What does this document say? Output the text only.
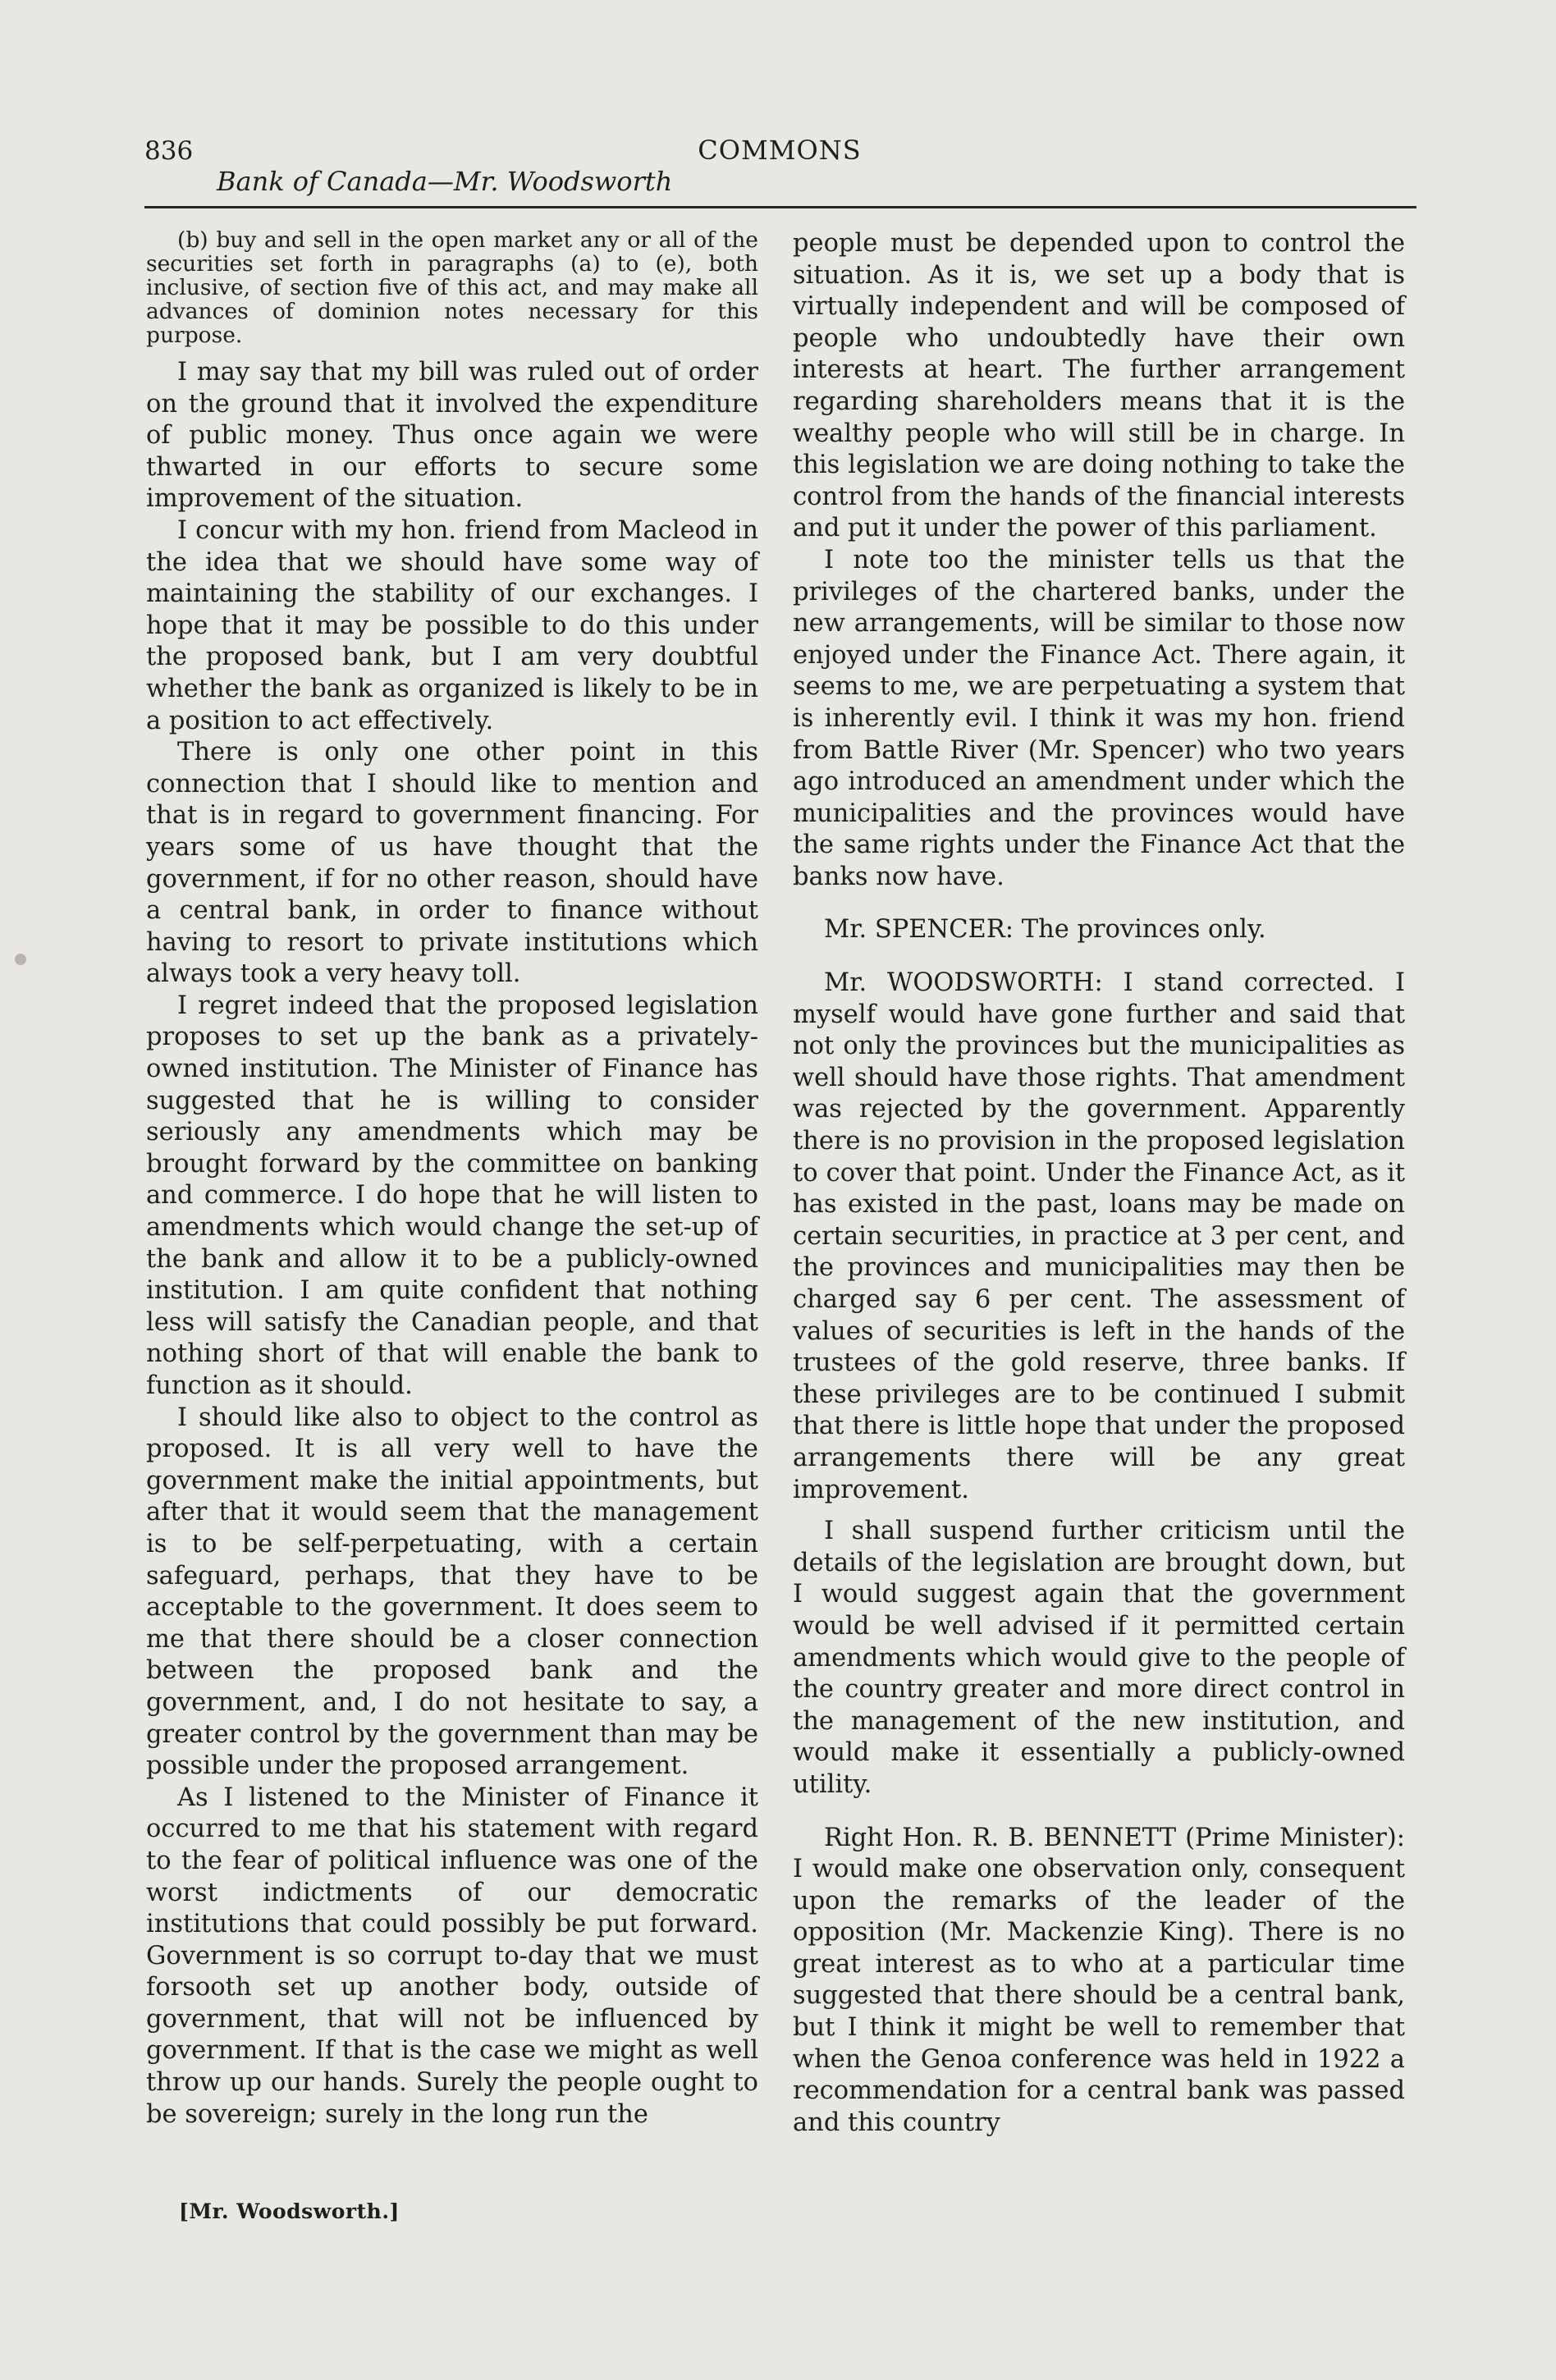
836	COMMONS
Bank of Canada—Mr. Woodsworth

(b) buy and sell in the open market any or all of the securities set forth in paragraphs (a) to (e), both inclusive, of section five of this act, and may make all advances of dominion notes necessary for this purpose.

I may say that my bill was ruled out of order on the ground that it involved the expenditure of public money. Thus once again we were thwarted in our efforts to secure some improvement of the situation.

I concur with my hon. friend from Macleod in the idea that we should have some way of maintaining the stability of our exchanges. I hope that it may be possible to do this under the proposed bank, but I am very doubtful whether the bank as organized is likely to be in a position to act effectively.

There is only one other point in this connection that I should like to mention and that is in regard to government financing. For years some of us have thought that the government, if for no other reason, should have a central bank, in order to finance without having to resort to private institutions which always took a very heavy toll.

I regret indeed that the proposed legislation proposes to set up the bank as a privately-owned institution. The Minister of Finance has suggested that he is willing to consider seriously any amendments which may be brought forward by the committee on banking and commerce. I do hope that he will listen to amendments which would change the set-up of the bank and allow it to be a publicly-owned institution. I am quite confident that nothing less will satisfy the Canadian people, and that nothing short of that will enable the bank to function as it should.

I should like also to object to the control as proposed. It is all very well to have the government make the initial appointments, but after that it would seem that the management is to be self-perpetuating, with a certain safeguard, perhaps, that they have to be acceptable to the government. It does seem to me that there should be a closer connection between the proposed bank and the government, and, I do not hesitate to say, a greater control by the government than may be possible under the proposed arrangement.

As I listened to the Minister of Finance it occurred to me that his statement with regard to the fear of political influence was one of the worst indictments of our democratic institutions that could possibly be put forward. Government is so corrupt to-day that we must forsooth set up another body, outside of government, that will not be influenced by government. If that is the case we might as well throw up our hands. Surely the people ought to be sovereign; surely in the long run the

[Mr. Woodsworth.]

people must be depended upon to control the situation. As it is, we set up a body that is virtually independent and will be composed of people who undoubtedly have their own interests at heart. The further arrangement regarding shareholders means that it is the wealthy people who will still be in charge. In this legislation we are doing nothing to take the control from the hands of the financial interests and put it under the power of this parliament.

I note too the minister tells us that the privileges of the chartered banks, under the new arrangements, will be similar to those now enjoyed under the Finance Act. There again, it seems to me, we are perpetuating a system that is inherently evil. I think it was my hon. friend from Battle River (Mr. Spencer) who two years ago introduced an amendment under which the municipalities and the provinces would have the same rights under the Finance Act that the banks now have.

Mr. SPENCER: The provinces only.

Mr. WOODSWORTH: I stand corrected. I myself would have gone further and said that not only the provinces but the municipalities as well should have those rights. That amendment was rejected by the government. Apparently there is no provision in the proposed legislation to cover that point. Under the Finance Act, as it has existed in the past, loans may be made on certain securities, in practice at 3 per cent, and the provinces and municipalities may then be charged say 6 per cent. The assessment of values of securities is left in the hands of the trustees of the gold reserve, three banks. If these privileges are to be continued I submit that there is little hope that under the proposed arrangements there will be any great improvement.

I shall suspend further criticism until the details of the legislation are brought down, but I would suggest again that the government would be well advised if it permitted certain amendments which would give to the people of the country greater and more direct control in the management of the new institution, and would make it essentially a publicly-owned utility.

Right Hon. R. B. BENNETT (Prime Minister): I would make one observation only, consequent upon the remarks of the leader of the opposition (Mr. Mackenzie King). There is no great interest as to who at a particular time suggested that there should be a central bank, but I think it might be well to remember that when the Genoa conference was held in 1922 a recommendation for a central bank was passed and this country
